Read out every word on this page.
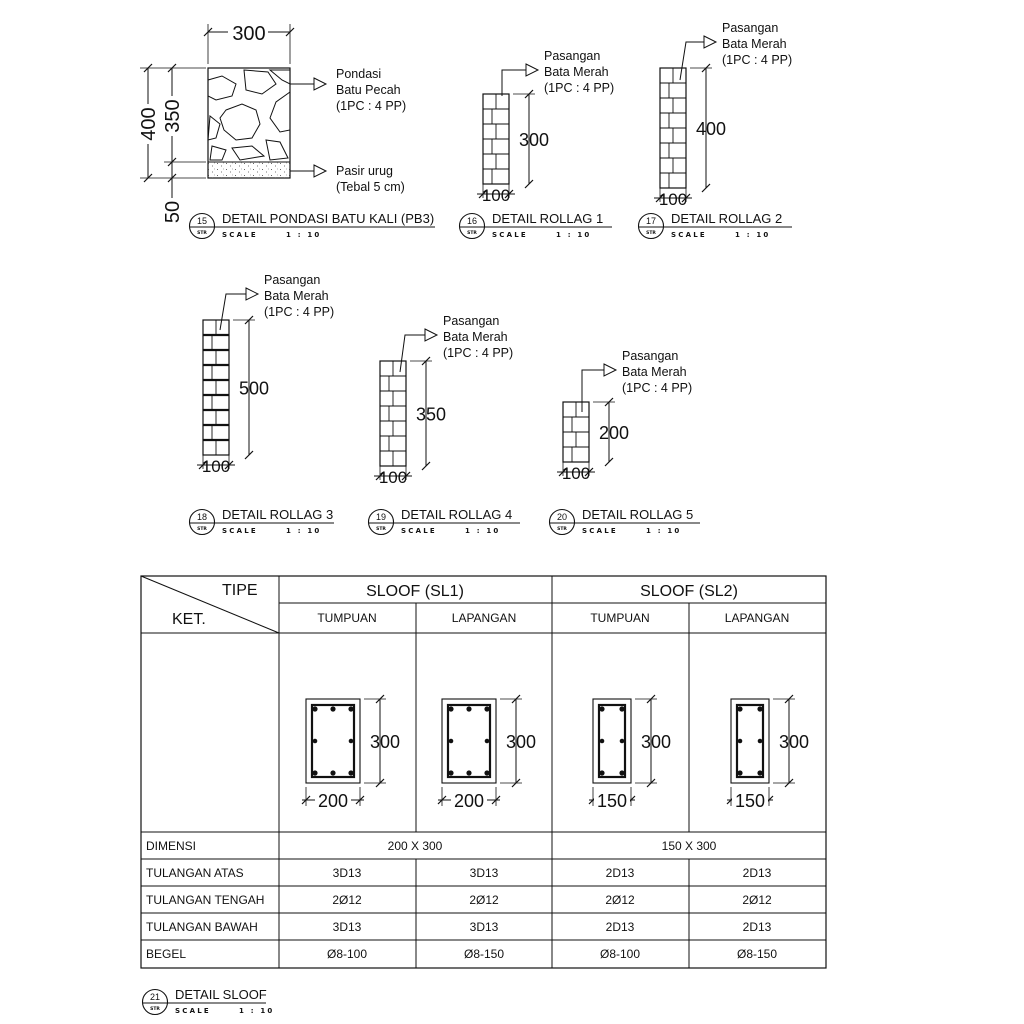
300
400 350
50
Pondasi
Batu Pecah
(1PC : 4 PP)
Pasir urug
(Tebal 5 cm)
300
100
Pasangan
Bata Merah
(1PC : 4 PP)
400
100
Pasangan
Bata Merah
(1PC : 4 PP)
500
100
Pasangan
Bata Merah
(1PC : 4 PP)
350
100
Pasangan
Bata Merah
(1PC : 4 PP)
200
100
Pasangan
Bata Merah
(1PC : 4 PP)
15
STR
DETAIL PONDASI BATU KALI (PB3)
SCALE	1 : 10
16
STR
DETAIL ROLLAG 1
SCALE	1 : 10
17
STR
DETAIL ROLLAG 2
SCALE	1 : 10
18
STR
DETAIL ROLLAG 3
SCALE	1 : 10
19
STR
DETAIL ROLLAG 4
SCALE	1 : 10
20
STR
DETAIL ROLLAG 5
SCALE	1 : 10
21
STR
DETAIL SLOOF
SCALE	1 : 10
300
200
300
200
300
150
300
150
TIPE
KET.
SLOOF (SL1)	SLOOF (SL2)
TUMPUAN	LAPANGAN	TUMPUAN	LAPANGAN
DIMENSI	200 X 300	150 X 300
TULANGAN ATAS	3D13	3D13	2D13	2D13
TULANGAN TENGAH	2Ø12	2Ø12	2Ø12	2Ø12
TULANGAN BAWAH	3D13	3D13	2D13	2D13
BEGEL	Ø8-100	Ø8-150	Ø8-100	Ø8-150
